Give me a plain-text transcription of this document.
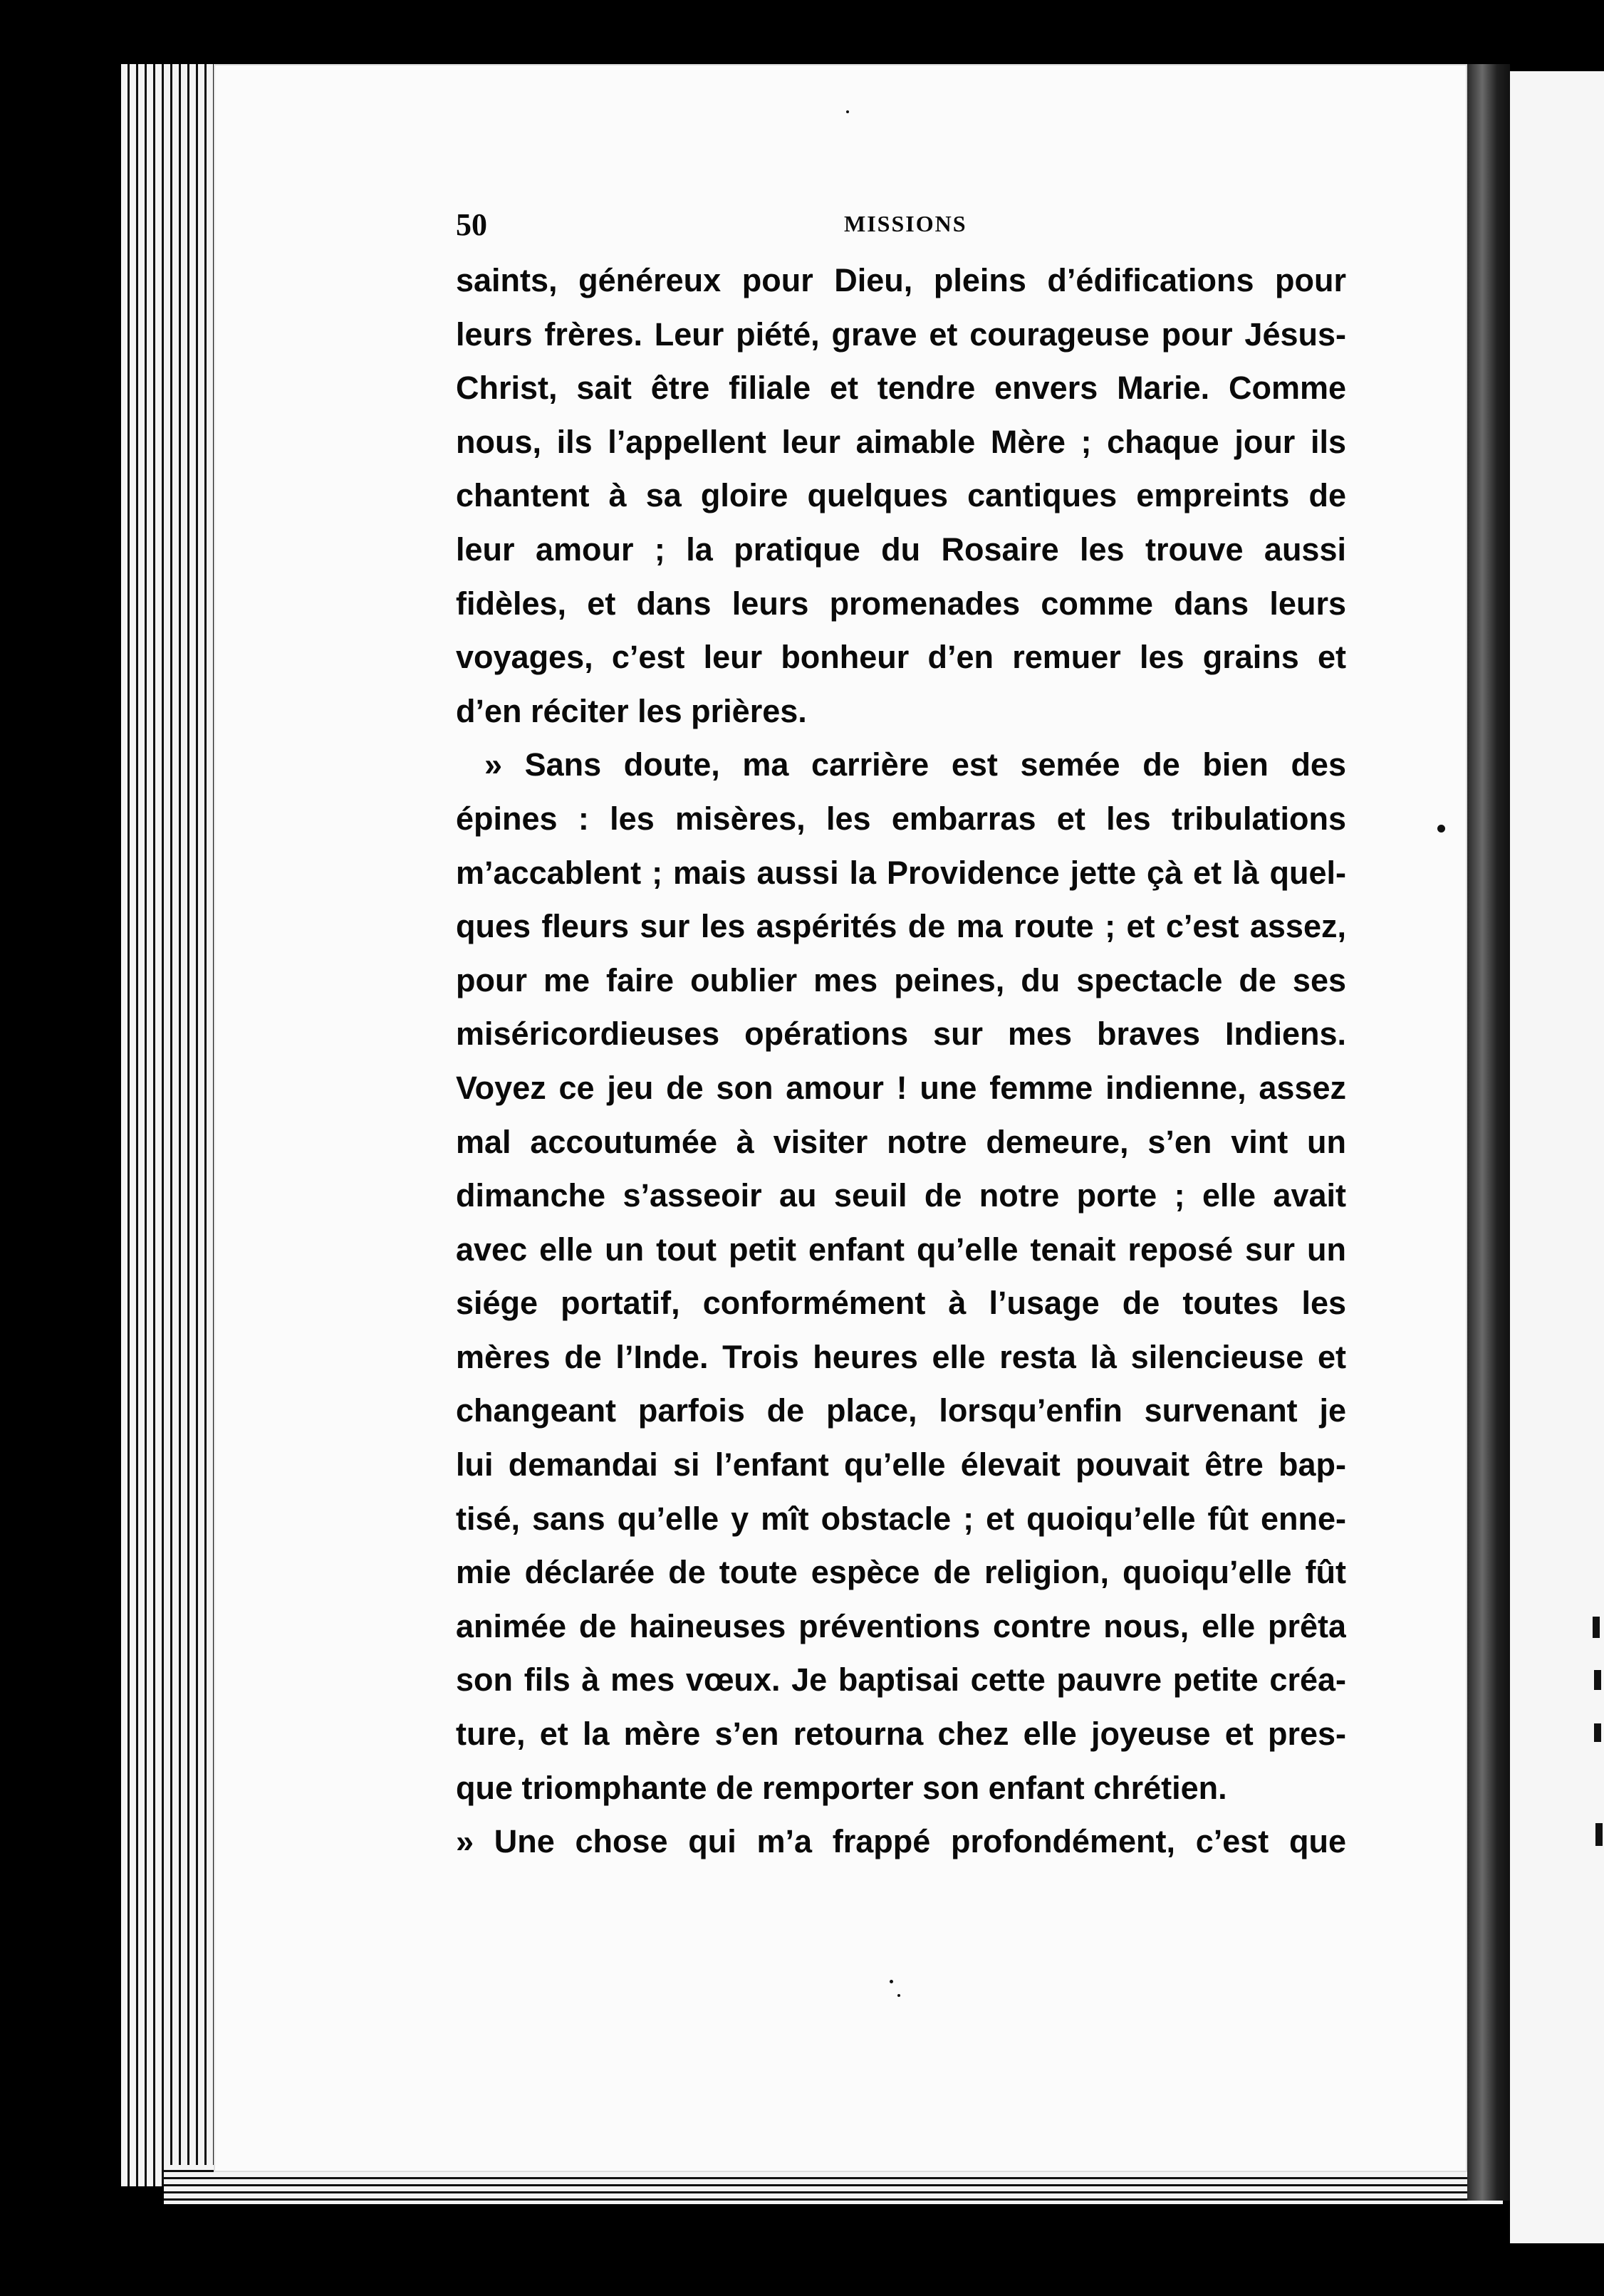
50	MISSIONS
saints, généreux pour Dieu, pleins d’édifications pour
leurs frères. Leur piété, grave et courageuse pour Jésus-
Christ, sait être filiale et tendre envers Marie. Comme
nous, ils l’appellent leur aimable Mère ; chaque jour ils
chantent à sa gloire quelques cantiques empreints de
leur amour ; la pratique du Rosaire les trouve aussi
fidèles, et dans leurs promenades comme dans leurs
voyages, c’est leur bonheur d’en remuer les grains et
d’en réciter les prières.
» Sans doute, ma carrière est semée de bien des
épines : les misères, les embarras et les tribulations
m’accablent ; mais aussi la Providence jette çà et là quel-
ques fleurs sur les aspérités de ma route ; et c’est assez,
pour me faire oublier mes peines, du spectacle de ses
miséricordieuses opérations sur mes braves Indiens.
Voyez ce jeu de son amour ! une femme indienne, assez
mal accoutumée à visiter notre demeure, s’en vint un
dimanche s’asseoir au seuil de notre porte ; elle avait
avec elle un tout petit enfant qu’elle tenait reposé sur un
siége portatif, conformément à l’usage de toutes les
mères de l’Inde. Trois heures elle resta là silencieuse et
changeant parfois de place, lorsqu’enfin survenant je
lui demandai si l’enfant qu’elle élevait pouvait être bap-
tisé, sans qu’elle y mît obstacle ; et quoiqu’elle fût enne-
mie déclarée de toute espèce de religion, quoiqu’elle fût
animée de haineuses préventions contre nous, elle prêta
son fils à mes vœux. Je baptisai cette pauvre petite créa-
ture, et la mère s’en retourna chez elle joyeuse et pres-
que triomphante de remporter son enfant chrétien.
» Une chose qui m’a frappé profondément, c’est que
